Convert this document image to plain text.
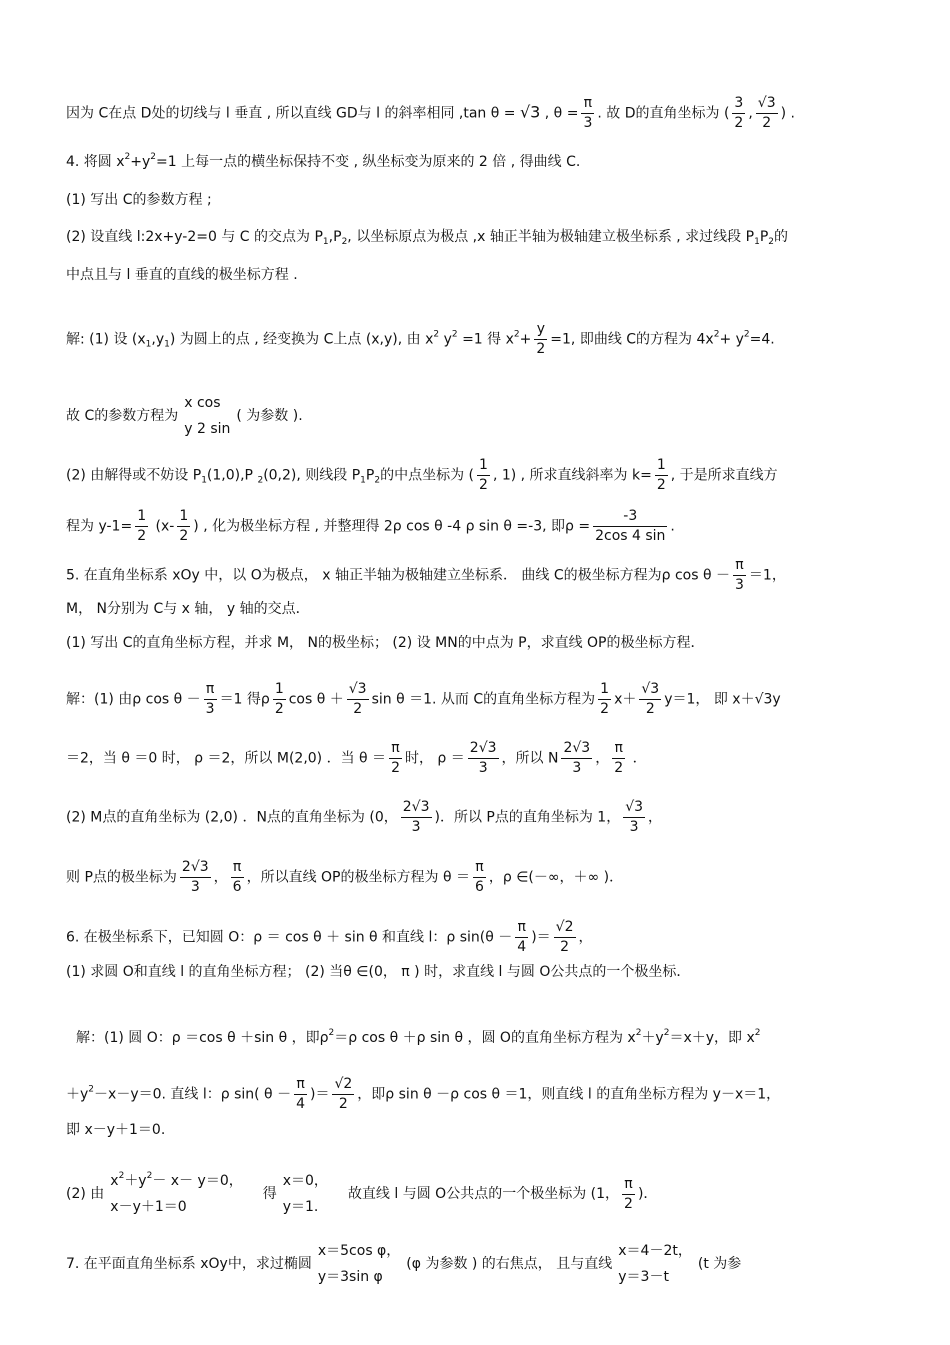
因为 C在点 D处的切线与 l 垂直 , 所以直线 GD与 l 的斜率相同 ,tan θ = √3 , $\theta = \frac{\pi}{3}$ . 故 D的直角坐标为 ( $\frac{3}{2}$ , $\frac{√3}{2}$ ) .
4. 将圆 $x^2+y^2=1$ 上每一点的横坐标保持不变 , 纵坐标变为原来的 2 倍 , 得曲线 C.
(1) 写出 C的参数方程 ;
(2) 设直线 l:2x+y-2=0 与 C 的交点为 $P_1,P_2$, 以坐标原点为极点 ,x 轴正半轴为极轴建立极坐标系 , 求过线段 $P_1P_2$的
中点且与 l 垂直的直线的极坐标方程 .
解: (1) 设 $(x_1,y_1)$ 为圆上的点 , 经变换为 C上点 (x,y), 由 $x^2$ $y^2 =1$ 得 $x^2+ \frac{y}{2} =1$, 即曲线 C的方程为 $4x^2+ y^2=4$.
故 C的参数方程为
x cos
y 2 sin
( 为参数 ).
(2) 由解得或不妨设 $P_1(1,0),P$ $_2$(0,2), 则线段 $P_1P_2$的中点坐标为 ( $\frac{1}{2}$ , 1) , 所求直线斜率为 $k= \frac{1}{2}$ , 于是所求直线方
程为 $y-1= \frac{1}{2} (x- \frac{1}{2}$ ) , 化为极坐标方程 , 并整理得 2ρ cos θ -4 ρ sin θ =-3, 即$\rho = \frac{-3}{2\cos 4 \sin}$ .
5. 在直角坐标系 xOy 中，以 O为极点， x 轴正半轴为极轴建立坐标系． 曲线 C的极坐标方程为ρ $\cos \theta - \frac{\pi}{3} =1$，
M， N分别为 C与 x 轴， y 轴的交点．
(1) 写出 C的直角坐标方程，并求 M， N的极坐标； (2) 设 MN的中点为 P，求直线 OP的极坐标方程．
解：(1) 由ρ $\cos \theta - \frac{\pi}{3} =1$ 得ρ $\frac{1}{2}$ $\cos \theta + \frac{√3}{2}$ sin θ ＝1. 从而 C的直角坐标方程为 $\frac{1}{2} x+ \frac{√3}{2} y=1$， 即 x＋√3y
＝2，当 θ ＝0 时， ρ ＝2，所以 M(2,0) ．当 $\theta = \frac{\pi}{2}$ 时， $\rho = \frac{2√3}{3}$ ，所以 N $\frac{2√3}{3}$ ， $\frac{\pi}{2}$ ．
(2) M点的直角坐标为 (2,0) ．N点的直角坐标为 (0， $\frac{2√3}{3}$ )．所以 P点的直角坐标为 1， $\frac{√3}{3}$ ，
则 P点的极坐标为 $\frac{2√3}{3}$ ， $\frac{\pi}{6}$ ，所以直线 OP的极坐标方程为 $\theta = \frac{\pi}{6}$ ，ρ ∈(－∞，＋∞ )．
6. 在极坐标系下，已知圆 O：ρ ＝ cos θ ＋ sin θ 和直线 l：ρ $\sin(\theta - \frac{\pi}{4}$ )＝ $\frac{√2}{2}$ ，
(1) 求圆 O和直线 l 的直角坐标方程； (2) 当θ ∈(0， π ) 时，求直线 l 与圆 O公共点的一个极坐标．
解：(1) 圆 O：ρ ＝cos θ ＋sin θ ，即$\rho^2=\rho$ cos θ ＋ρ sin θ ，圆 O的直角坐标方程为 $x^2+y^2=x+y$，即 $x^2$
$+y^2-x-y=0$. 直线 l：ρ sin( $\theta - \frac{\pi}{4}$ )＝ $\frac{√2}{2}$ ，即ρ sin θ －ρ cos θ ＝1，则直线 l 的直角坐标方程为 y－x＝1，
即 x－y＋1＝0.
(2) 由
$x^2+y^2- x- y=0$，
x－y＋1＝0
得
x＝0，
y＝1.
故直线 l 与圆 O公共点的一个极坐标为 (1， $\frac{\pi}{2}$ )．
7. 在平面直角坐标系 xOy中，求过椭圆
x＝5cos φ，
y＝3sin φ
(φ 为参数 ) 的右焦点， 且与直线
x＝4－2t，
y＝3－t
(t 为参
